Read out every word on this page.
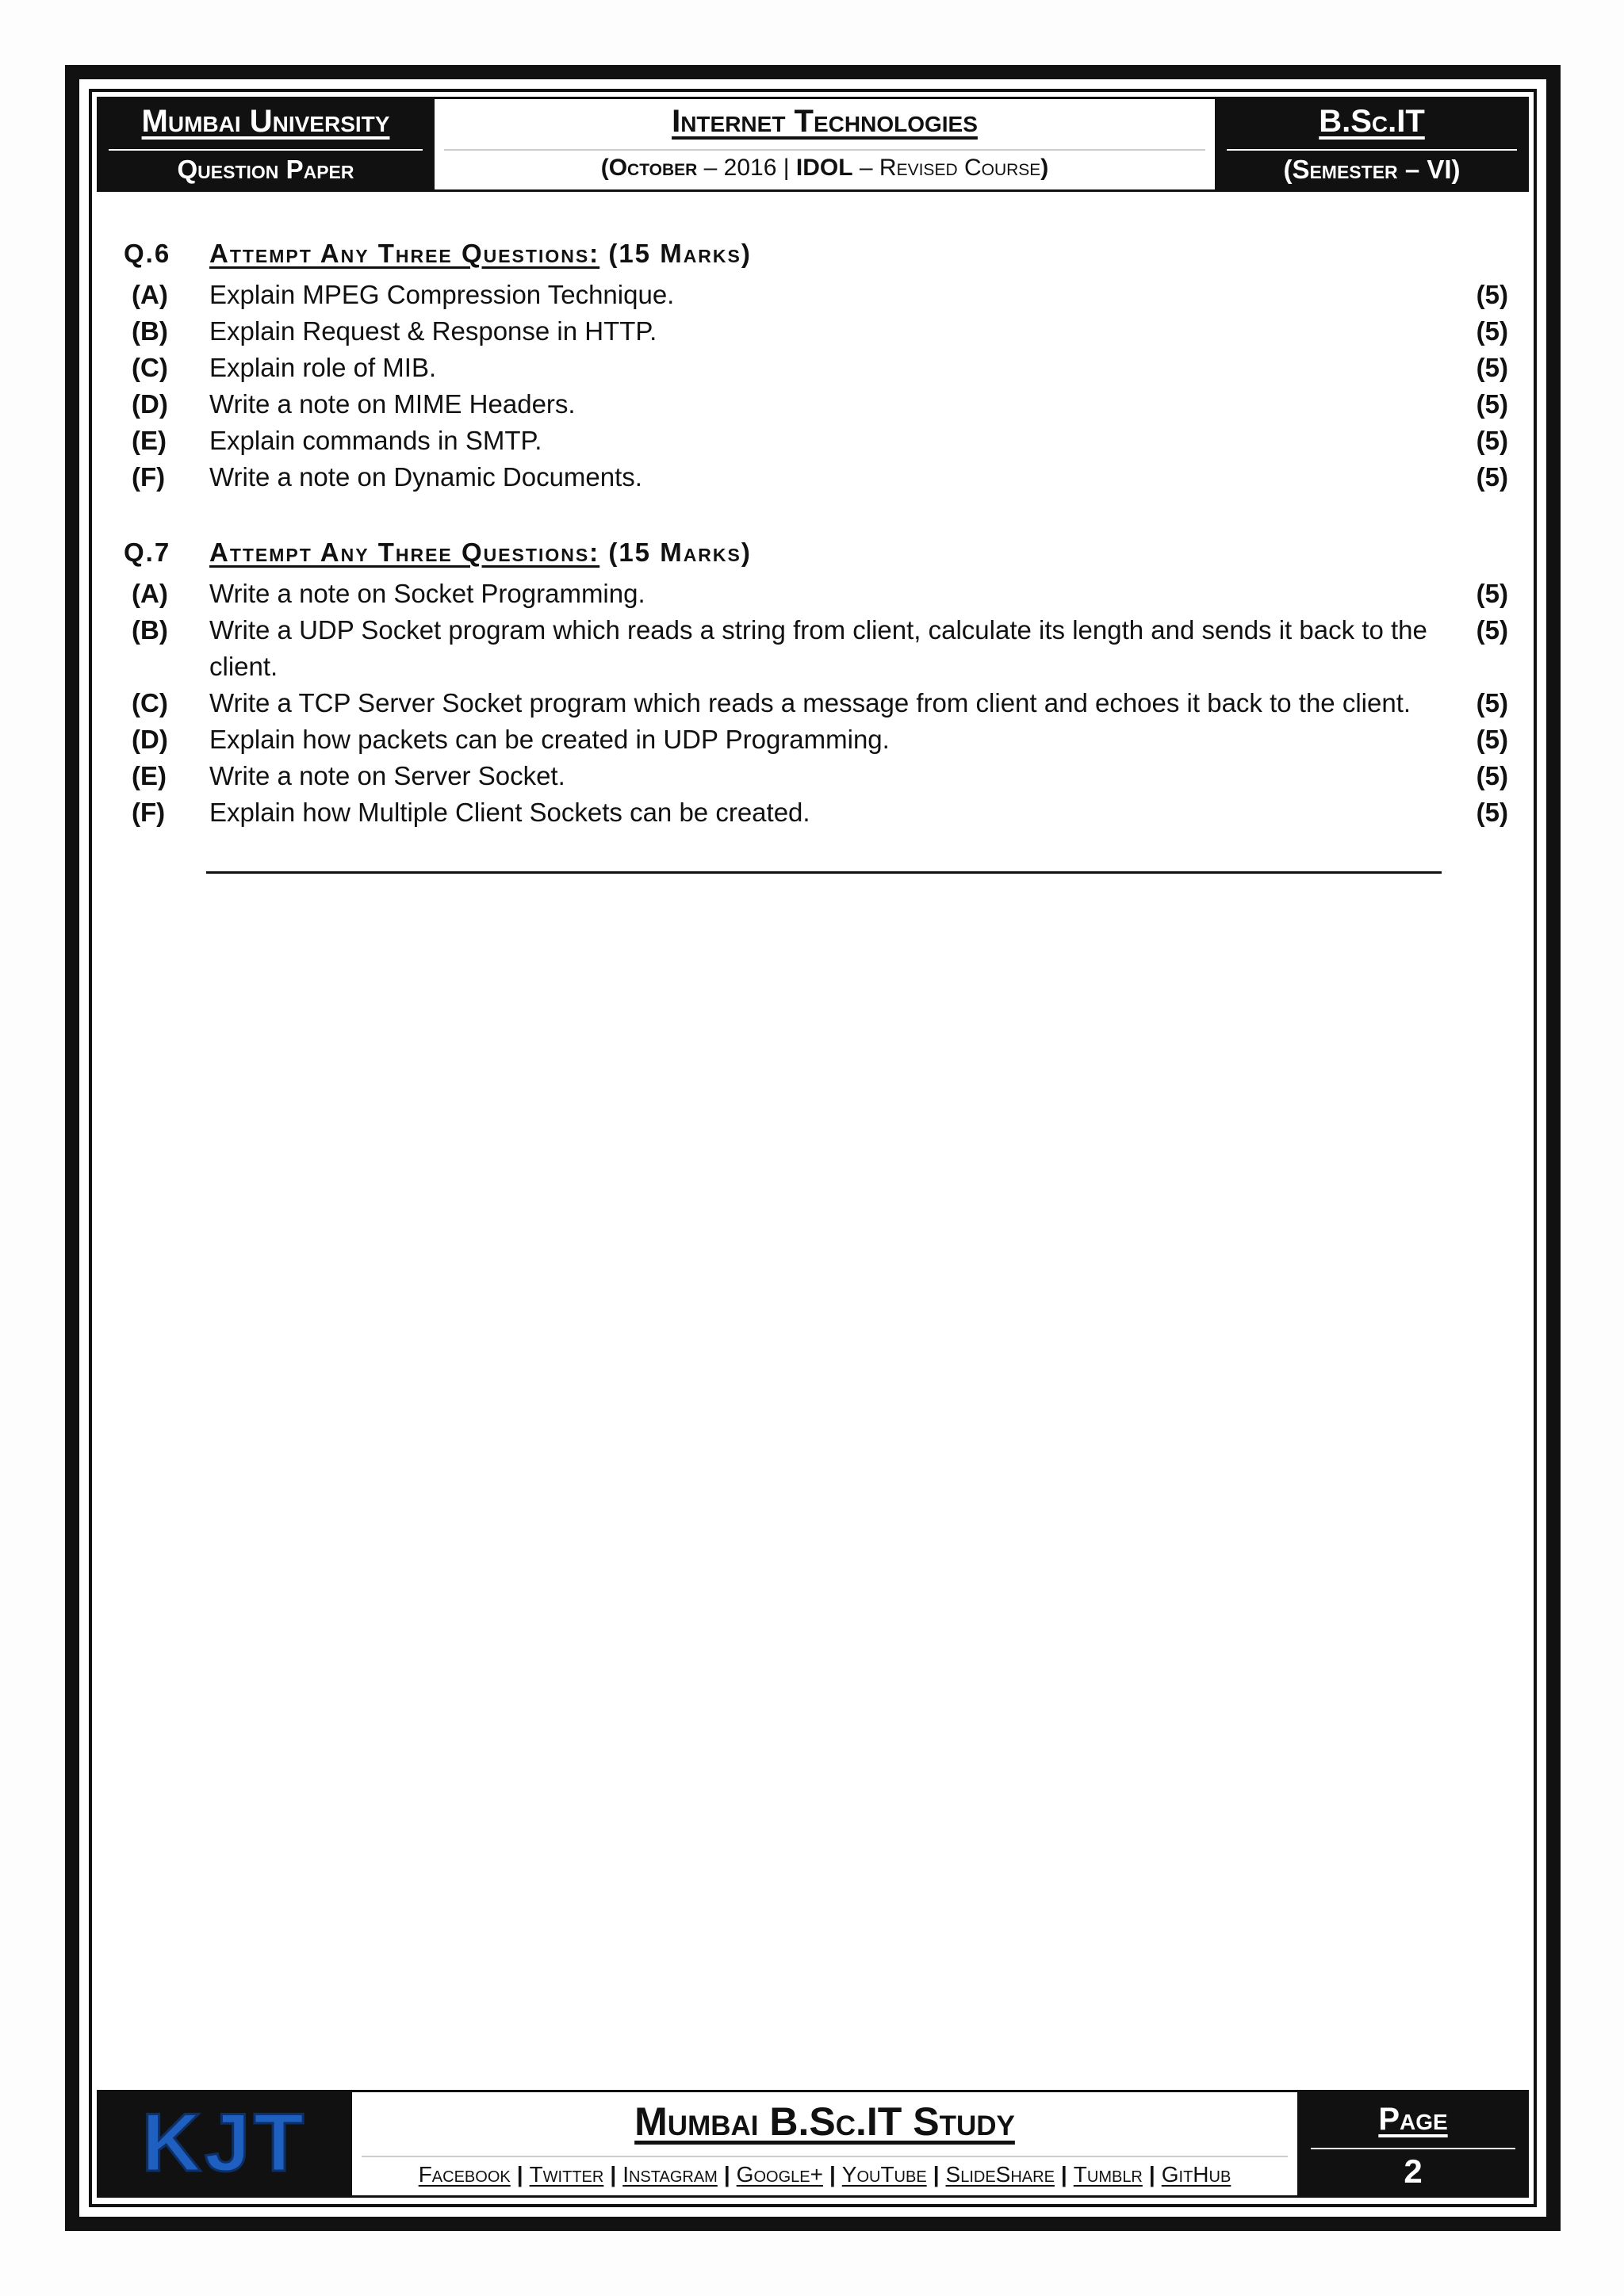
Mumbai University
Question Paper
Internet Technologies
(October – 2016 | IDOL – Revised Course)
B.Sc.IT
(Semester – VI)
Q.6	Attempt Any Three Questions: (15 Marks)
(A)	Explain MPEG Compression Technique.	(5)
(B)	Explain Request & Response in HTTP.	(5)
(C)	Explain role of MIB.	(5)
(D)	Write a note on MIME Headers.	(5)
(E)	Explain commands in SMTP.	(5)
(F)	Write a note on Dynamic Documents.	(5)
Q.7	Attempt Any Three Questions: (15 Marks)
(A)	Write a note on Socket Programming.	(5)
(B)	Write a UDP Socket program which reads a string from client, calculate its length and sends it back to the client.
(5)
(C)	Write a TCP Server Socket program which reads a message from client and echoes it back to the client.	(5)
(D)	Explain how packets can be created in UDP Programming.	(5)
(E)	Write a note on Server Socket.	(5)
(F)	Explain how Multiple Client Sockets can be created.	(5)
KJT	Mumbai B.Sc.IT Study
Facebook | Twitter | Instagram | Google+ | YouTube | SlideShare | Tumblr | GitHub
Page
2
